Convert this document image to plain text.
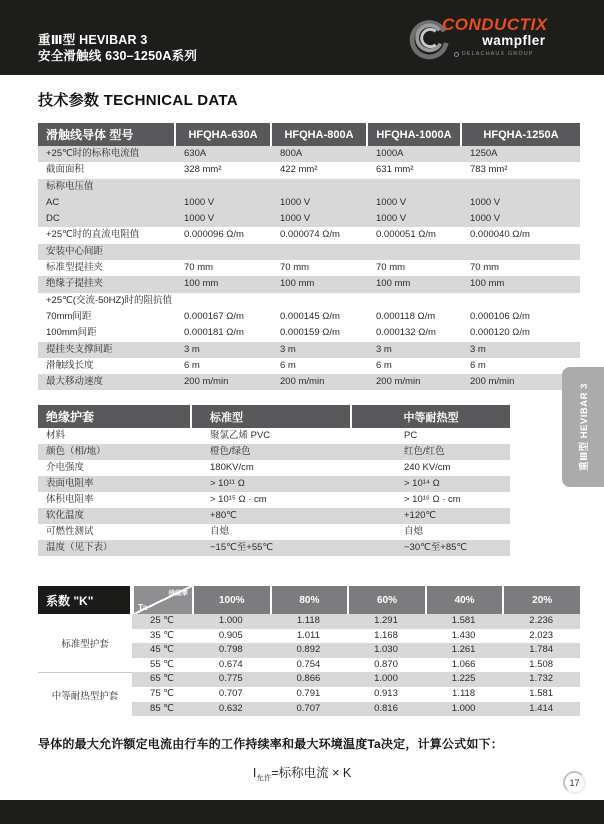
重Ⅲ型 HEVIBAR 3
安全滑触线 630–1250A系列
CONDUCTIX
wampfler
DELACHAUX GROUP
技术参数 TECHNICAL DATA
滑触线导体 型号	HFQHA-630A	HFQHA-800A	HFQHA-1000A	HFQHA-1250A
+25℃时的标称电流值	630A	800A	1000A	1250A
截面面积	328 mm²	422 mm²	631 mm²	783 mm²
标称电压值
AC	1000 V	1000 V	1000 V	1000 V
DC	1000 V	1000 V	1000 V	1000 V
+25℃时的直流电阻值	0.000096 Ω/m	0.000074 Ω/m	0.000051 Ω/m	0.000040 Ω/m
安装中心间距
标准型提挂夹	70 mm	70 mm	70 mm	70 mm
绝缘子提挂夹	100 mm	100 mm	100 mm	100 mm
+25℃(交流-50HZ)时的阻抗值
70mm间距	0.000167 Ω/m	0.000145 Ω/m	0.000118 Ω/m	0.000106 Ω/m
100mm间距	0.000181 Ω/m	0.000159 Ω/m	0.000132 Ω/m	0.000120 Ω/m
提挂夹支撑间距	3 m	3 m	3 m	3 m
滑触线长度	6 m	6 m	6 m	6 m
最大移动速度	200 m/min	200 m/min	200 m/min	200 m/min
绝缘护套	标准型	中等耐热型
材料	聚氯乙烯 PVC	PC
颜色（相/地）	橙色/绿色	红色/红色
介电强度	180KV/cm	240 KV/cm
表面电阻率	> 10¹¹ Ω	> 10¹⁴ Ω
体积电阻率	> 10¹⁵ Ω · cm	> 10¹⁶ Ω · cm
软化温度	+80℃	+120℃
可燃性测试	自熄	自熄
温度（见下表）	−15℃至+55℃	−30℃至+85℃
系数 "K"
标准型护套
中等耐热型护套
持续率
Ta
100%	80%	60%	40%	20%
25 ℃	1.000	1.118	1.291	1.581	2.236
35 ℃	0.905	1.011	1.168	1.430	2.023
45 ℃	0.798	0.892	1.030	1.261	1.784
55 ℃	0.674	0.754	0.870	1.066	1.508
65 ℃	0.775	0.866	1.000	1.225	1.732
75 ℃	0.707	0.791	0.913	1.118	1.581
85 ℃	0.632	0.707	0.816	1.000	1.414
导体的最大允许额定电流由行车的工作持续率和最大环境温度Ta决定，计算公式如下：
$I_{允许}=$标称电流 × K
17
重Ⅲ型 HEVIBAR 3
